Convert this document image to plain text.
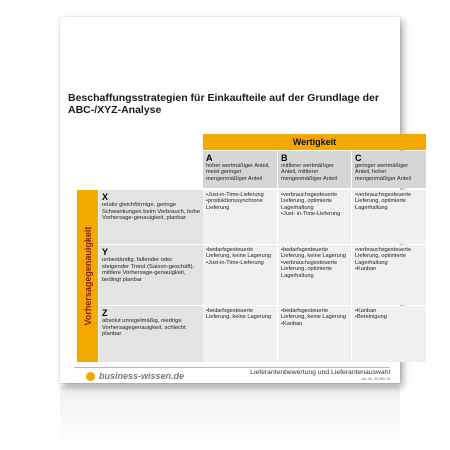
Beschaffungsstrategien für Einkaufteile auf der Grundlage der ABC-/XYZ-Analyse
Wertigkeit
A
hoher wertmäßiger Anteil, meist geringer mengenmäßiger Anteil
B
mittlerer wertmäßiger Anteil, mittlerer mengenmäßiger Anteil
C
geringer wertmäßiger Anteil, hoher mengenmäßiger Anteil
Vorhersagegenauigkeit
X
relativ gleichförmige, geringe Schwankungen beim Verbrauch, hohe Vorhersage-genauigkeit, planbar
• Just-in-Time-Lieferung
• produktionssynchrone Lieferung
• verbrauchsgesteuerte Lieferung, optimierte Lagerhaltung
• Just- in-Time-Lieferung
• verbrauchsgesteuerte Lieferung, optimierte Lagerhaltung
Y
unbeständig, fallender oder steigender Trend (Saison-geschäft), mittlere Vorhersage-genauigkeit, bedingt planbar
• bedarfsgesteuerte Lieferung, keine Lagerung
• Just-in-Time-Lieferung
• bedarfsgesteuerte Lieferung, keine Lagerung
• verbrauchsgesteuerte Lieferung, optimierte Lagerhaltung
• verbrauchsgesteuerte Lieferung, optimierte Lagerhaltung
• Kanban
Z
absolut unregelmäßig, niedrige Vorhersagegenauigkeit, schlecht planbar
• bedarfsgesteuerte Lieferung, keine Lagerung
• bedarfsgesteuerte Lieferung, keine Lagerung
• Kanban
• Kanban
• Bereinigung
business-wissen.de	Lieferantenbewertung und Lieferantenauswahl
Art.-Nr. 30 099 16
